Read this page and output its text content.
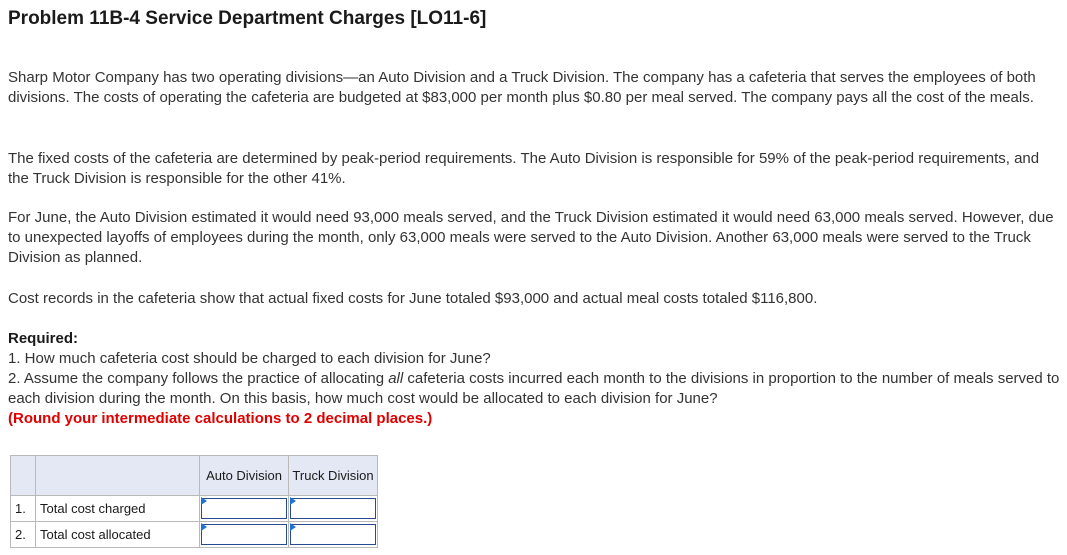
Problem 11B-4 Service Department Charges [LO11-6]

Sharp Motor Company has two operating divisions—an Auto Division and a Truck Division. The company has a cafeteria that serves the employees of both divisions. The costs of operating the cafeteria are budgeted at $83,000 per month plus $0.80 per meal served. The company pays all the cost of the meals.

The fixed costs of the cafeteria are determined by peak-period requirements. The Auto Division is responsible for 59% of the peak-period requirements, and the Truck Division is responsible for the other 41%.

For June, the Auto Division estimated it would need 93,000 meals served, and the Truck Division estimated it would need 63,000 meals served. However, due to unexpected layoffs of employees during the month, only 63,000 meals were served to the Auto Division. Another 63,000 meals were served to the Truck Division as planned.

Cost records in the cafeteria show that actual fixed costs for June totaled $93,000 and actual meal costs totaled $116,800.

Required:
1. How much cafeteria cost should be charged to each division for June?
2. Assume the company follows the practice of allocating all cafeteria costs incurred each month to the divisions in proportion to the number of meals served to each division during the month. On this basis, how much cost would be allocated to each division for June?
(Round your intermediate calculations to 2 decimal places.)
		Auto Division	Truck Division
1.	Total cost charged	

2.	Total cost allocated	
